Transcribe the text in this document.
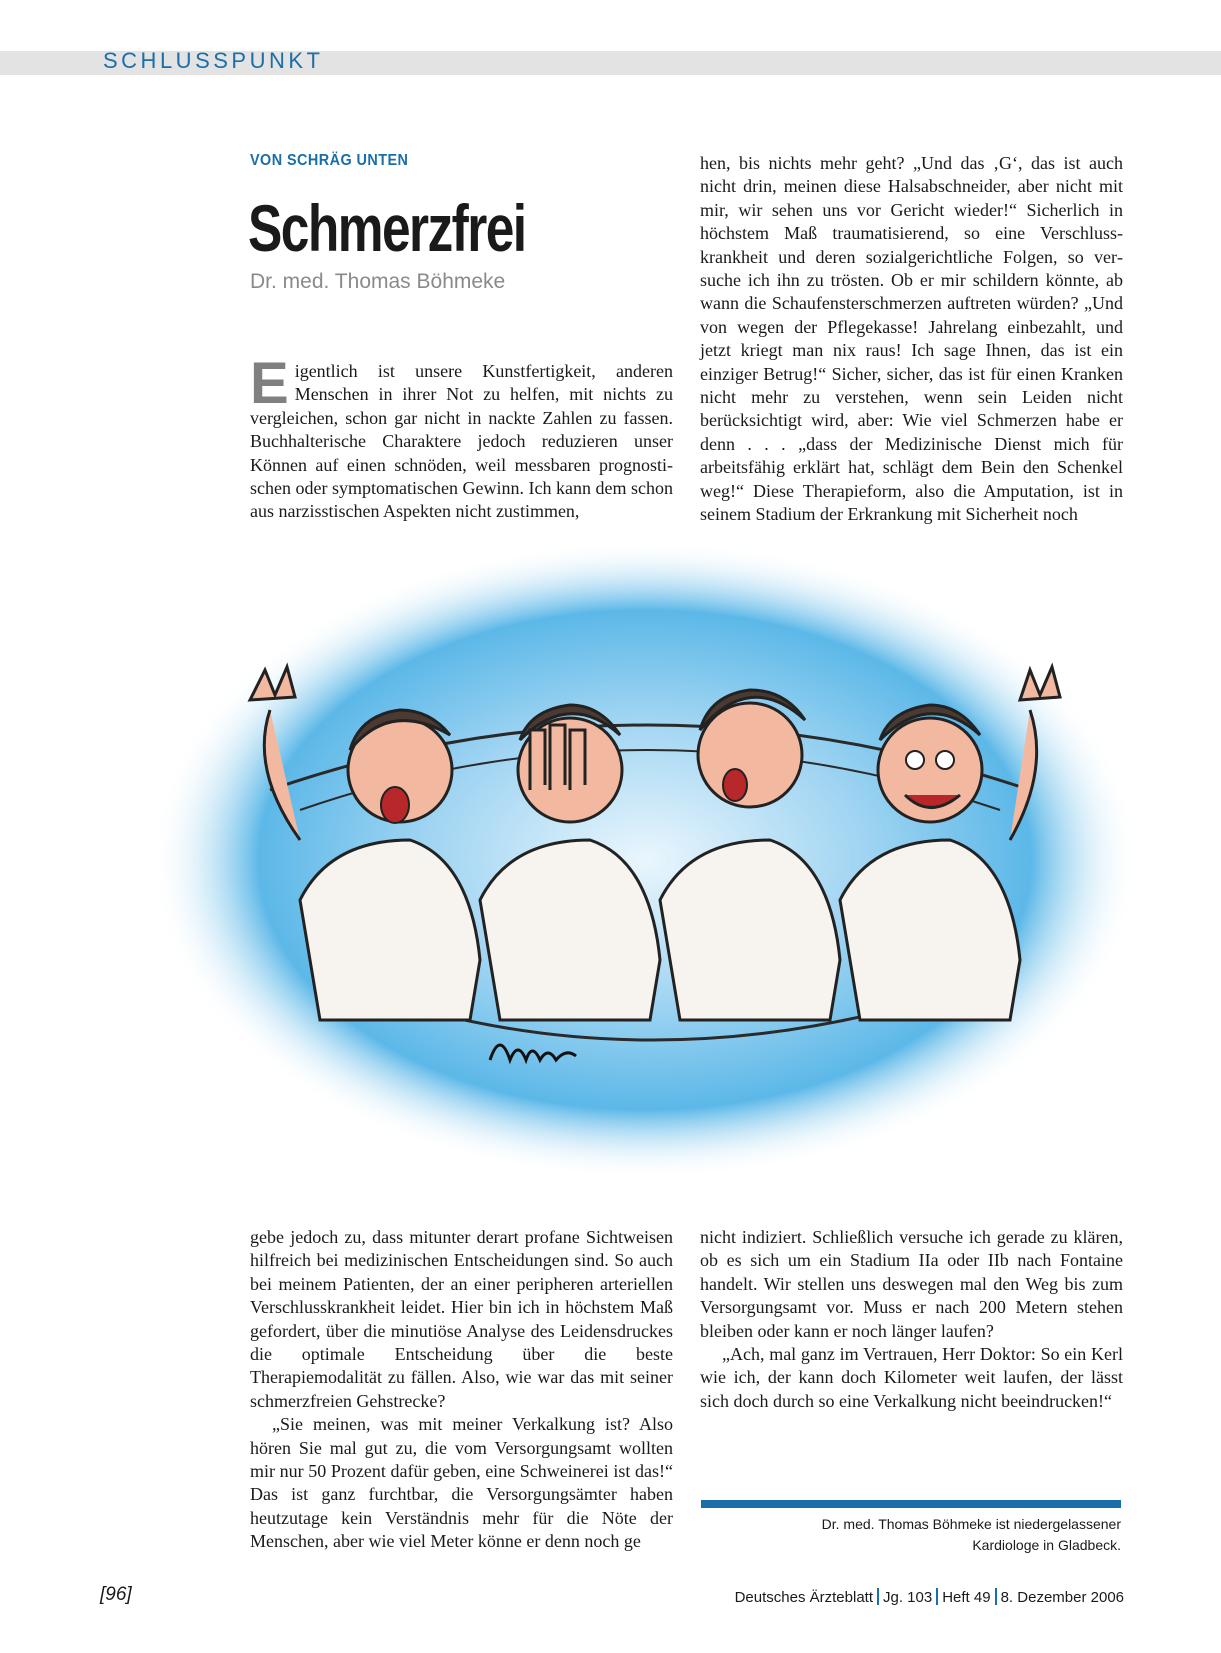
SCHLUSSPUNKT
VON SCHRÄG UNTEN
Schmerzfrei
Dr. med. Thomas Böhmeke

Eigentlich ist unsere Kunstfertigkeit, anderen Menschen in ihrer Not zu helfen, mit nichts zu vergleichen, schon gar nicht in nackte Zahlen zu fassen. Buchhalterische Charaktere jedoch reduzieren unser Können auf einen schnöden, weil messbaren prognostischen oder symptomatischen Gewinn. Ich kann dem schon aus narzisstischen Aspekten nicht zustimmen,

hen, bis nichts mehr geht? „Und das ‚G‘, das ist auch nicht drin, meinen diese Halsabschneider, aber nicht mit mir, wir sehen uns vor Gericht wieder!“ Sicherlich in höchstem Maß traumatisierend, so eine Verschlusskrankheit und deren sozialgerichtliche Folgen, so versuche ich ihn zu trösten. Ob er mir schildern könnte, ab wann die Schaufensterschmerzen auftreten würden? „Und von wegen der Pflegekasse! Jahrelang einbezahlt, und jetzt kriegt man nix raus! Ich sage Ihnen, das ist ein einziger Betrug!“ Sicher, sicher, das ist für einen Kranken nicht mehr zu verstehen, wenn sein Leiden nicht berücksichtigt wird, aber: Wie viel Schmerzen habe er denn . . . „dass der Medizinische Dienst mich für arbeitsfähig erklärt hat, schlägt dem Bein den Schenkel weg!“ Diese Therapieform, also die Amputation, ist in seinem Stadium der Erkrankung mit Sicherheit noch

gebe jedoch zu, dass mitunter derart profane Sichtweisen hilfreich bei medizinischen Entscheidungen sind. So auch bei meinem Patienten, der an einer peripheren arteriellen Verschlusskrankheit leidet. Hier bin ich in höchstem Maß gefordert, über die minutiöse Analyse des Leidensdruckes die optimale Entscheidung über die beste Therapiemodalität zu fällen. Also, wie war das mit seiner schmerzfreien Gehstrecke?

„Sie meinen, was mit meiner Verkalkung ist? Also hören Sie mal gut zu, die vom Versorgungsamt wollten mir nur 50 Prozent dafür geben, eine Schweinerei ist das!“ Das ist ganz furchtbar, die Versorgungsämter haben heutzutage kein Verständnis mehr für die Nöte der Menschen, aber wie viel Meter könne er denn noch ge

nicht indiziert. Schließlich versuche ich gerade zu klären, ob es sich um ein Stadium IIa oder IIb nach Fontaine handelt. Wir stellen uns deswegen mal den Weg bis zum Versorgungsamt vor. Muss er nach 200 Metern stehen bleiben oder kann er noch länger laufen?

„Ach, mal ganz im Vertrauen, Herr Doktor: So ein Kerl wie ich, der kann doch Kilometer weit laufen, der lässt sich doch durch so eine Verkalkung nicht beeindrucken!“

Dr. med. Thomas Böhmeke ist niedergelassener
Kardiologe in Gladbeck.
[96]	Deutsches Ärzteblatt Jg. 103 Heft 49 8. Dezember 2006
